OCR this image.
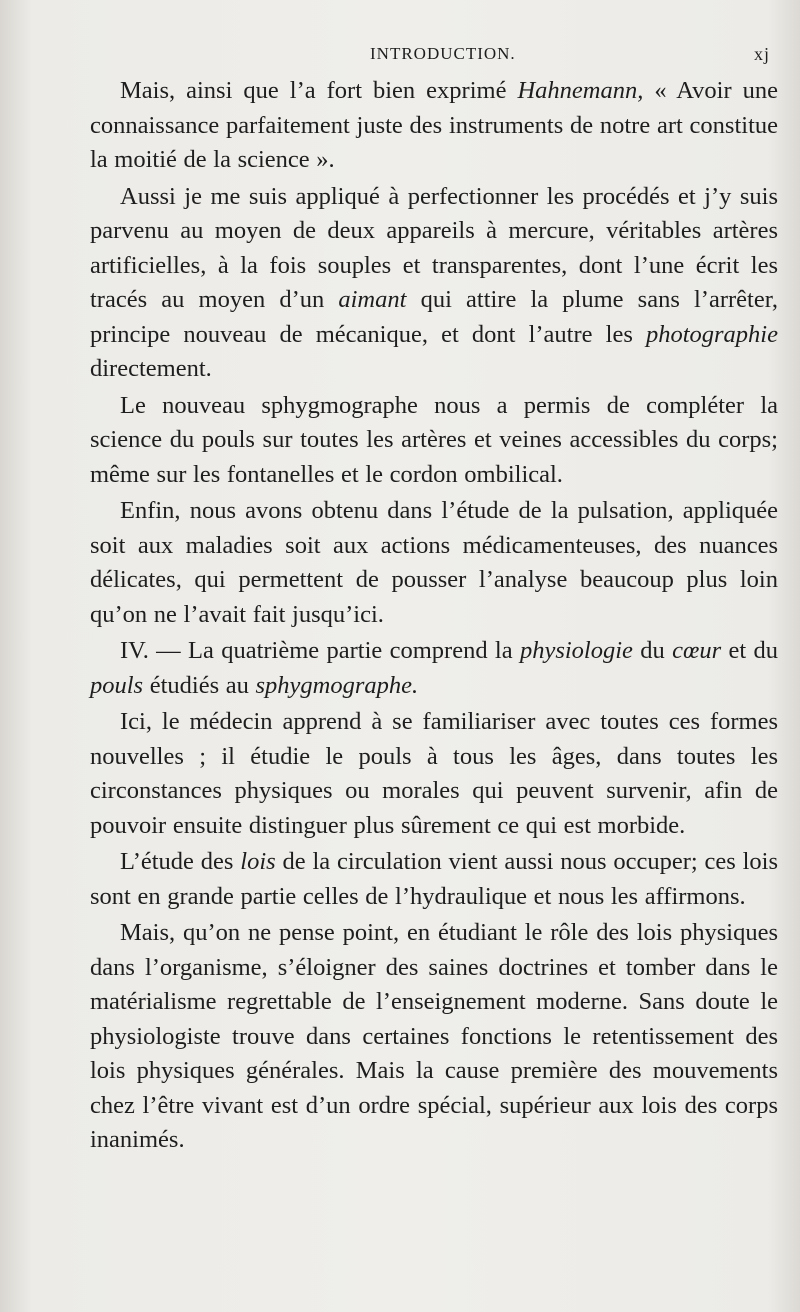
INTRODUCTION.	xj

Mais, ainsi que l’a fort bien exprimé Hahnemann, « Avoir une connaissance parfaitement juste des instruments de notre art constitue la moitié de la science ».

Aussi je me suis appliqué à perfectionner les procédés et j’y suis parvenu au moyen de deux appareils à mercure, véritables artères artificielles, à la fois souples et transparentes, dont l’une écrit les tracés au moyen d’un aimant qui attire la plume sans l’arrêter, principe nouveau de mécanique, et dont l’autre les photographie directement.

Le nouveau sphygmographe nous a permis de compléter la science du pouls sur toutes les artères et veines accessibles du corps; même sur les fontanelles et le cordon ombilical.

Enfin, nous avons obtenu dans l’étude de la pulsation, appliquée soit aux maladies soit aux actions médicamenteuses, des nuances délicates, qui permettent de pousser l’analyse beaucoup plus loin qu’on ne l’avait fait jusqu’ici.

IV. — La quatrième partie comprend la physiologie du cœur et du pouls étudiés au sphygmographe.

Ici, le médecin apprend à se familiariser avec toutes ces formes nouvelles ; il étudie le pouls à tous les âges, dans toutes les circonstances physiques ou morales qui peuvent survenir, afin de pouvoir ensuite distinguer plus sûrement ce qui est morbide.

L’étude des lois de la circulation vient aussi nous occuper; ces lois sont en grande partie celles de l’hydraulique et nous les affirmons.

Mais, qu’on ne pense point, en étudiant le rôle des lois physiques dans l’organisme, s’éloigner des saines doctrines et tomber dans le matérialisme regrettable de l’enseignement moderne. Sans doute le physiologiste trouve dans certaines fonctions le retentissement des lois physiques générales. Mais la cause première des mouvements chez l’être vivant est d’un ordre spécial, supérieur aux lois des corps inanimés.
